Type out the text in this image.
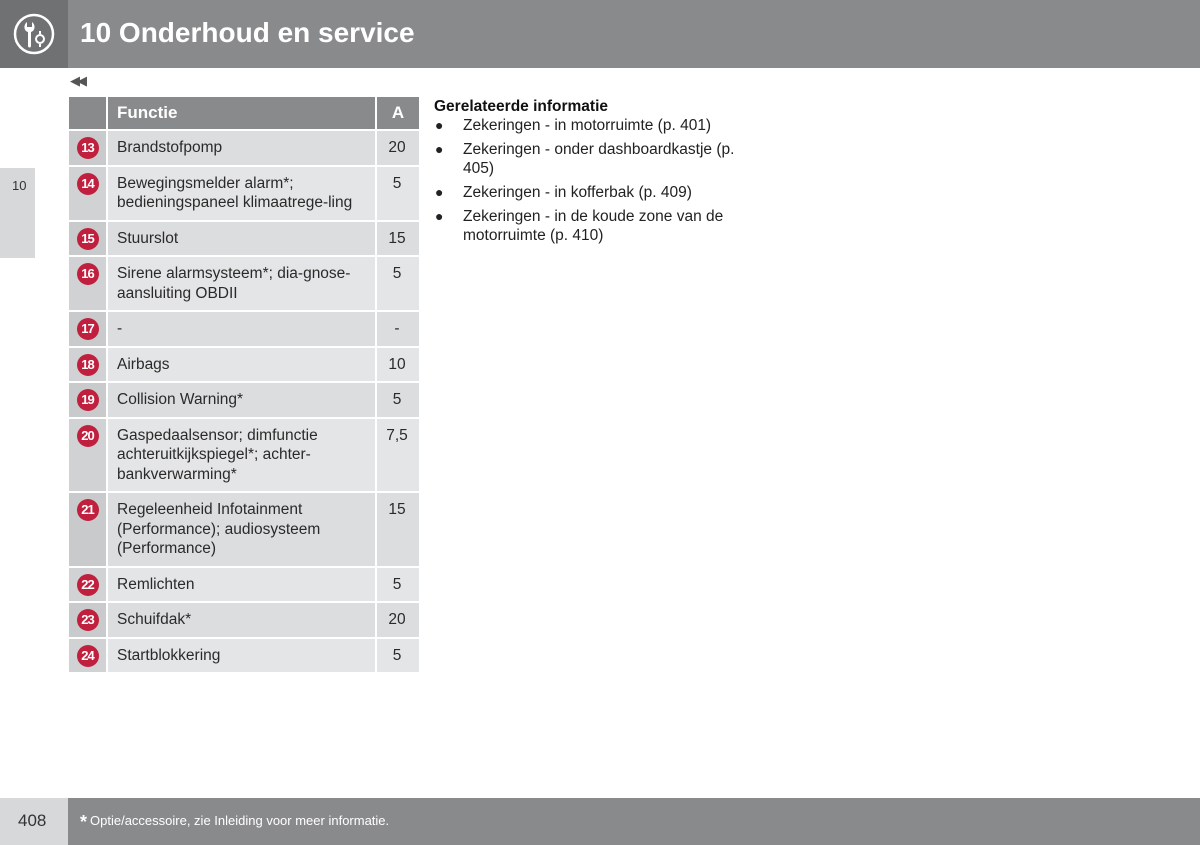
10 Onderhoud en service
◀◀
10
	Functie	A
13	Brandstofpomp	20
14	Bewegingsmelder alarm*; bedieningspaneel klimaatrege-ling	5
15	Stuurslot	15
16	Sirene alarmsysteem*; dia-gnose-aansluiting OBDII	5
17	-	-
18	Airbags	10
19	Collision Warning*	5
20	Gaspedaalsensor; dimfunctie achteruitkijkspiegel*; achter-bankverwarming*	7,5
21	Regeleenheid Infotainment (Performance); audiosysteem (Performance)	15
22	Remlichten	5
23	Schuifdak*	20
24	Startblokkering	5

Gerelateerde informatie

● Zekeringen - in motorruimte (p. 401)
● Zekeringen - onder dashboardkastje (p. 405)
● Zekeringen - in kofferbak (p. 409)
● Zekeringen - in de koude zone van de motorruimte (p. 410)
408 * Optie/accessoire, zie Inleiding voor meer informatie.
